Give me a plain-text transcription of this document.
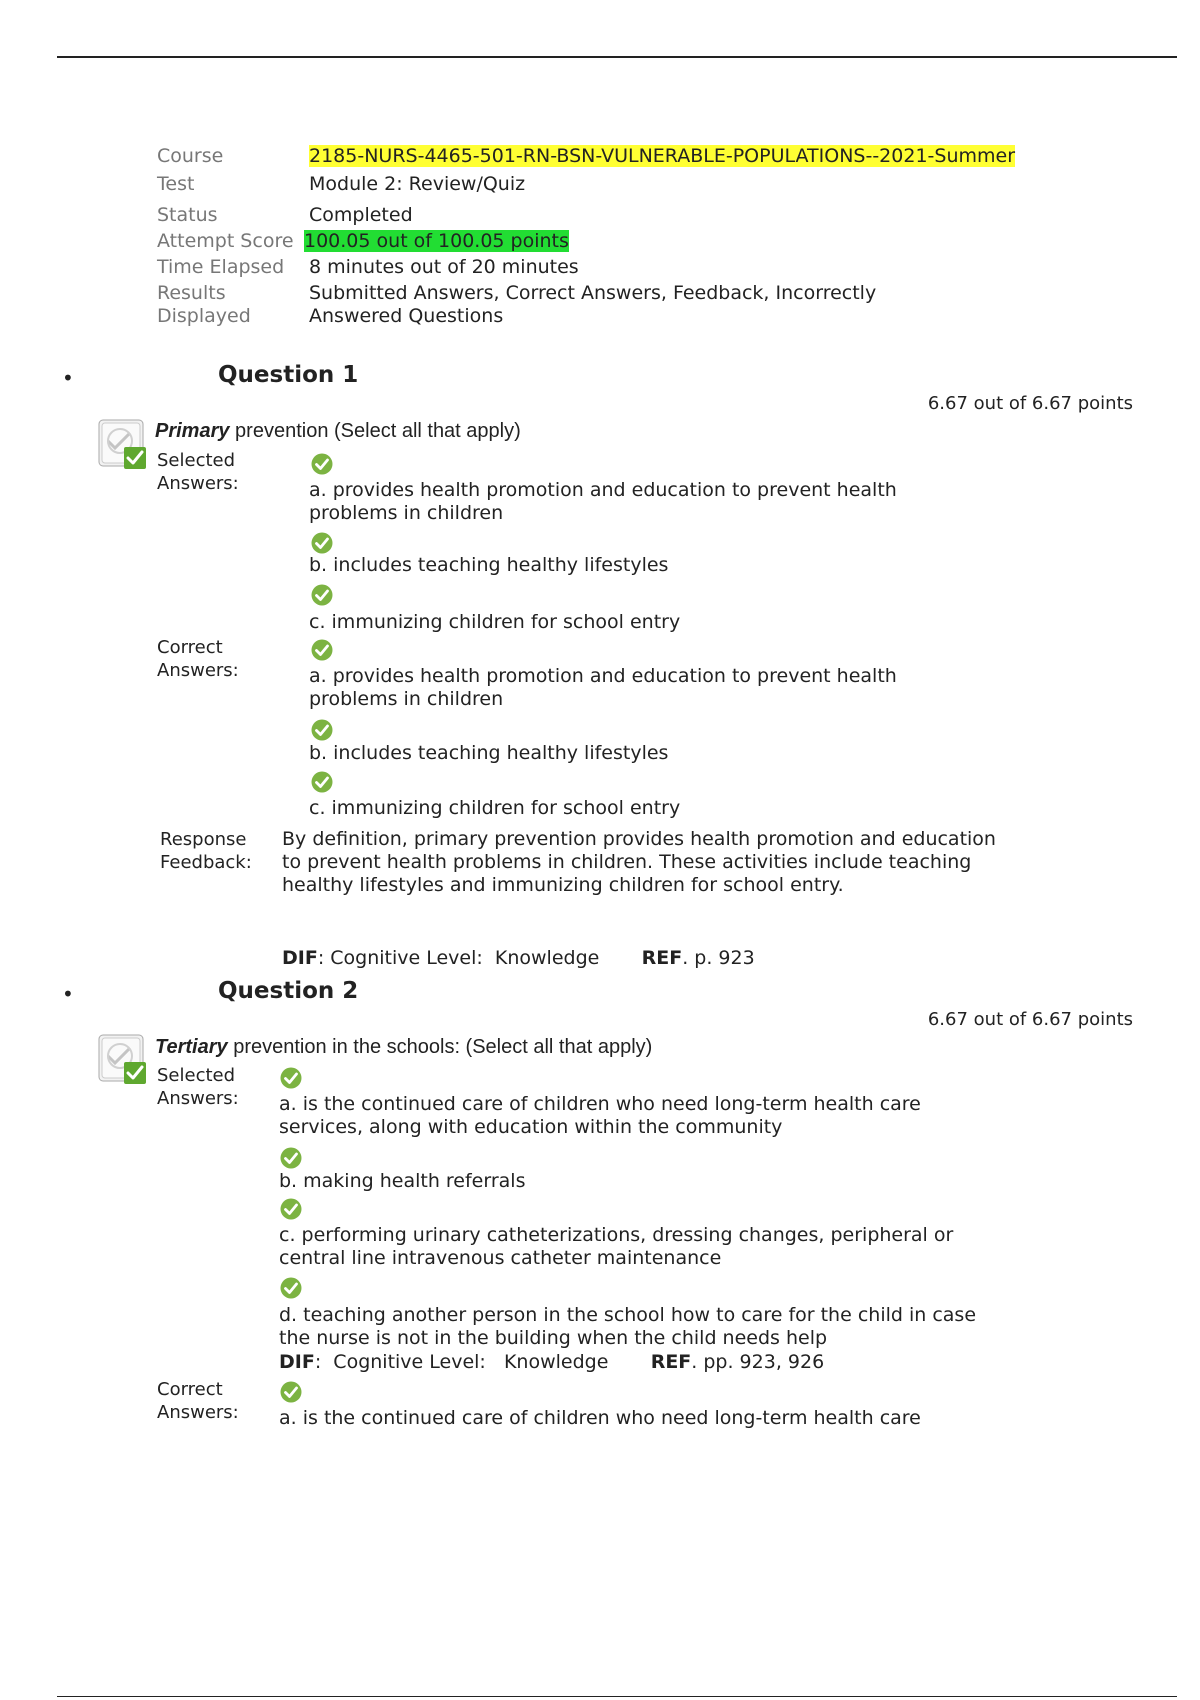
Course	2185-NURS-4465-501-RN-BSN-VULNERABLE-POPULATIONS--2021-Summer
Test	Module 2: Review/Quiz
Status	Completed
Attempt Score 100.05 out of 100.05 points
Time Elapsed	8 minutes out of 20 minutes
Results Displayed
Submitted Answers, Correct Answers, Feedback, Incorrectly Answered Questions
•	Question 1
6.67 out of 6.67 points
Primary prevention (Select all that apply)
Selected Answers:	a. provides health promotion and education to prevent health problems in children
b. includes teaching healthy lifestyles
c. immunizing children for school entry
Correct Answers:	a. provides health promotion and education to prevent health problems in children
b. includes teaching healthy lifestyles
c. immunizing children for school entry
Response Feedback:
By definition, primary prevention provides health promotion and education to prevent health problems in children. These activities include teaching healthy lifestyles and immunizing children for school entry.
DIF: Cognitive Level:  Knowledge       REF. p. 923
•	Question 2
6.67 out of 6.67 points
Tertiary prevention in the schools: (Select all that apply)
Selected Answers:	a. is the continued care of children who need long-term health care services, along with education within the community
b. making health referrals
c. performing urinary catheterizations, dressing changes, peripheral or central line intravenous catheter maintenance
d. teaching another person in the school how to care for the child in case the nurse is not in the building when the child needs help
DIF:  Cognitive Level:   Knowledge       REF. pp. 923, 926
Correct Answers:	a. is the continued care of children who need long-term health care
